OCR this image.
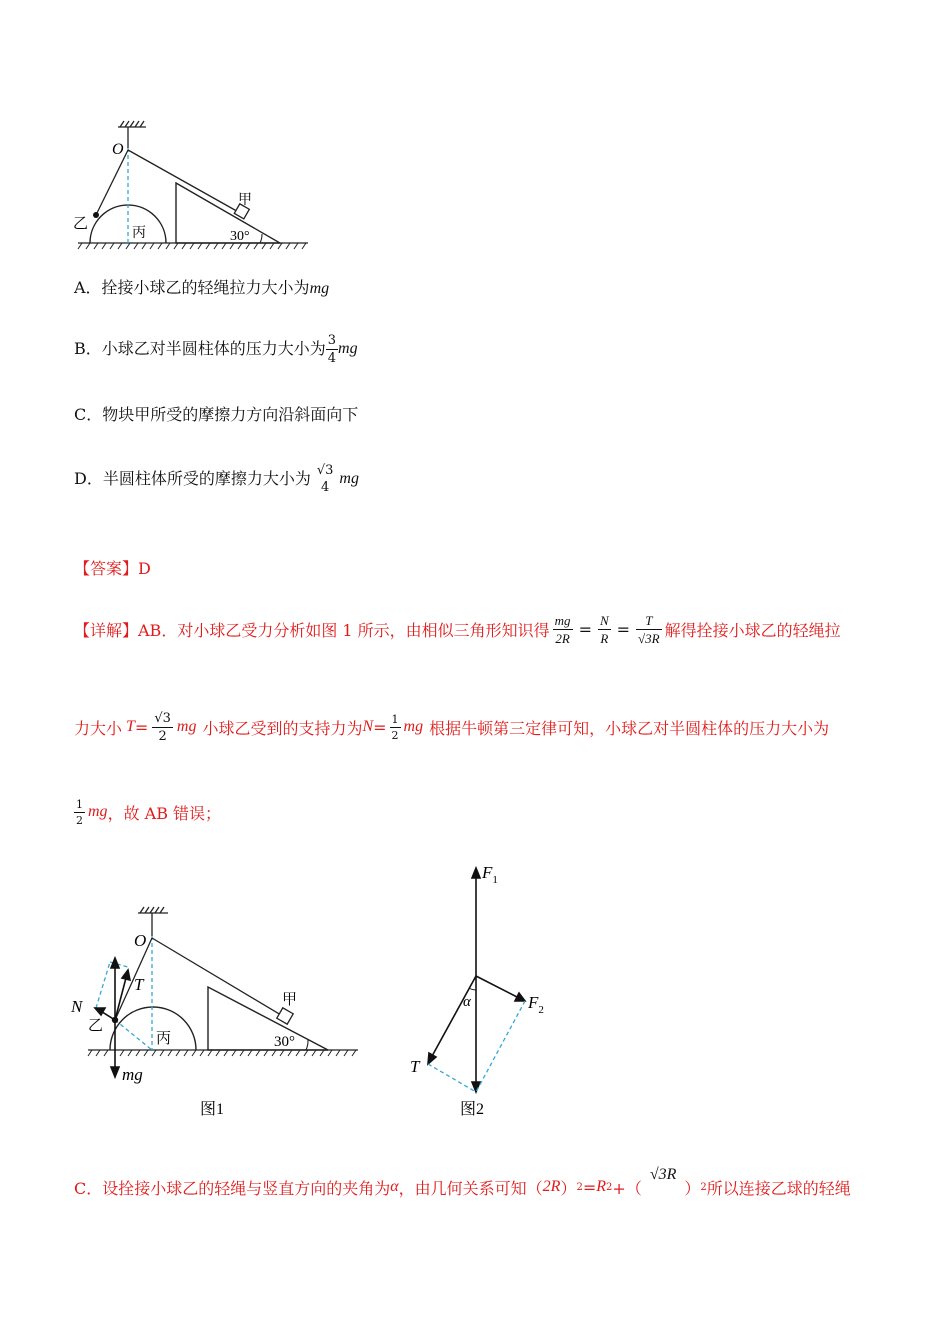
O
乙
丙
甲
30°
A．拴接小球乙的轻绳拉力大小为mg
B．小球乙对半圆柱体的压力大小为 $\frac{3}{4}$ mg
C．物块甲所受的摩擦力方向沿斜面向下
D．半圆柱体所受的摩擦力大小为 √3
4
mg
【答案】D
【详解】AB．对小球乙受力分析如图 1 所示，由相似三角形知识得 $\frac{mg}{2R} = \frac{N}{R} = \frac{T}{√3R}$ 解得拴接小球乙的轻绳拉
力大小 $T = \frac{√3}{2}$ mg 小球乙受到的支持力为 $N = \frac{1}{2}$ mg 根据牛顿第三定律可知，小球乙对半圆柱体的压力大小为
$\frac{1}{2}$ mg ，故 AB 错误；
O
T
N
乙
丙
甲
mg
30°
图1
$F_1$
$F_2$
α
T
图2
C．设拴接小球乙的轻绳与竖直方向的夹角为 α ，由几何关系可知（ 2R ） 2 = R 2 +（
√3R
） 2 所以连接乙球的轻绳
